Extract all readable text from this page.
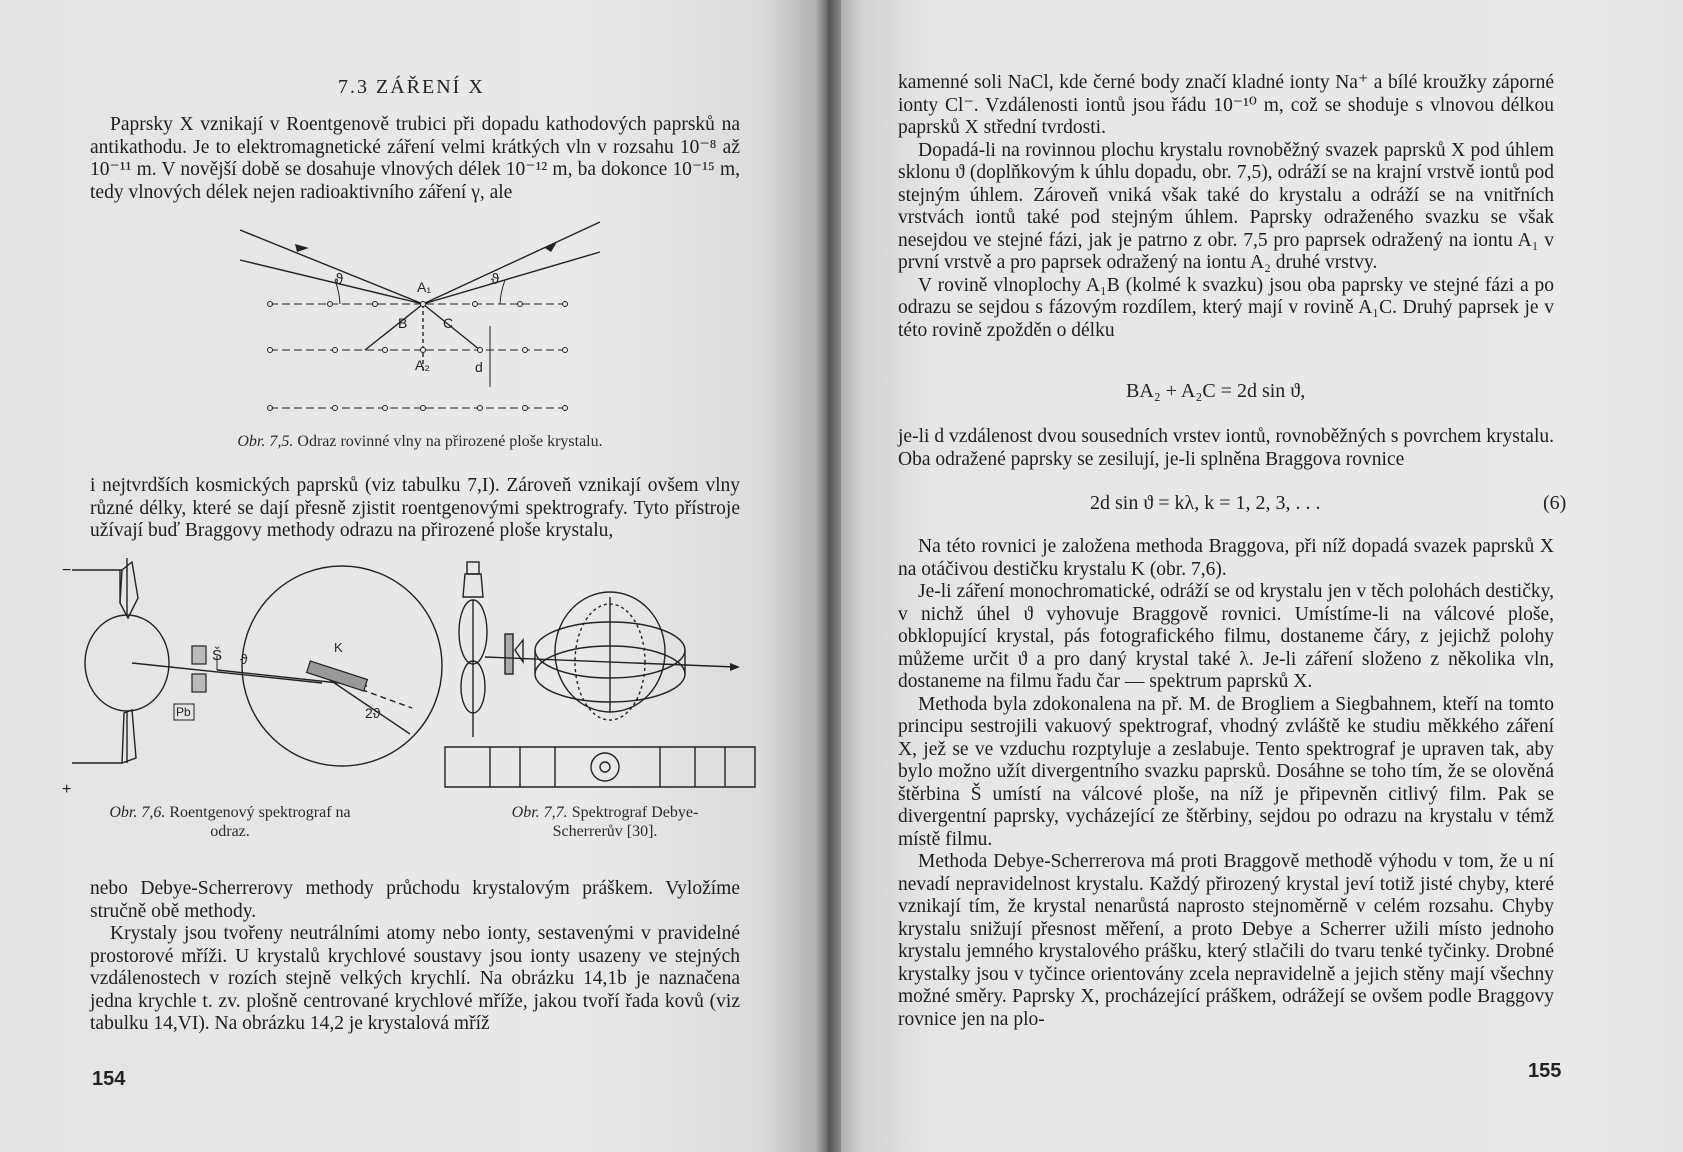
7.3 ZÁŘENÍ X

Paprsky X vznikají v Roentgenově trubici při dopadu kathodových paprsků na antikathodu. Je to elektromagnetické záření velmi krátkých vln v rozsahu 10⁻⁸ až 10⁻¹¹ m. V novější době se dosahuje vlnových délek 10⁻¹² m, ba dokonce 10⁻¹⁵ m, tedy vlnových délek nejen radioaktivního záření γ, ale

ϑ	ϑ
A₁
A₂
B	C
d
Obr. 7,5. Odraz rovinné vlny na přirozené ploše krystalu.

i nejtvrdších kosmických paprsků (viz tabulku 7,I). Zároveň vznikají ovšem vlny různé délky, které se dají přesně zjistit roentgenovými spektrografy. Tyto přístroje užívají buď Braggovy methody odrazu na přirozené ploše krystalu,

Š ϑ
K
2ϑ
Pb
−
+
Obr. 7,6. Roentgenový spektrograf na odraz.
Obr. 7,7. Spektrograf Debye-Scherrerův [30].

nebo Debye-Scherrerovy methody průchodu krystalovým práškem. Vyložíme stručně obě methody.

Krystaly jsou tvořeny neutrálními atomy nebo ionty, sestavenými v pravidelné prostorové mříži. U krystalů krychlové soustavy jsou ionty usazeny ve stejných vzdálenostech v rozích stejně velkých krychlí. Na obrázku 14,1b je naznačena jedna krychle t. zv. plošně centrované krychlové mříže, jakou tvoří řada kovů (viz tabulku 14,VI). Na obrázku 14,2 je krystalová mříž

154

kamenné soli NaCl, kde černé body značí kladné ionty Na⁺ a bílé kroužky záporné ionty Cl⁻. Vzdálenosti iontů jsou řádu 10⁻¹⁰ m, což se shoduje s vlnovou délkou paprsků X střední tvrdosti.

Dopadá-li na rovinnou plochu krystalu rovnoběžný svazek paprsků X pod úhlem sklonu ϑ (doplňkovým k úhlu dopadu, obr. 7,5), odráží se na krajní vrstvě iontů pod stejným úhlem. Zároveň vniká však také do krystalu a odráží se na vnitřních vrstvách iontů také pod stejným úhlem. Paprsky odraženého svazku se však nesejdou ve stejné fázi, jak je patrno z obr. 7,5 pro paprsek odražený na iontu A₁ v první vrstvě a pro paprsek odražený na iontu A₂ druhé vrstvy.

V rovině vlnoplochy A₁B (kolmé k svazku) jsou oba paprsky ve stejné fázi a po odrazu se sejdou s fázovým rozdílem, který mají v rovině A₁C. Druhý paprsek je v této rovině zpožděn o délku

BA₂ + A₂C = 2d sin ϑ,

je-li d vzdálenost dvou sousedních vrstev iontů, rovnoběžných s povrchem krystalu. Oba odražené paprsky se zesilují, je-li splněna Braggova rovnice

2d sin ϑ = kλ, k = 1, 2, 3, . . .	(6)

Na této rovnici je založena methoda Braggova, při níž dopadá svazek paprsků X na otáčivou destičku krystalu K (obr. 7,6).

Je-li záření monochromatické, odráží se od krystalu jen v těch polohách destičky, v nichž úhel ϑ vyhovuje Braggově rovnici. Umístíme-li na válcové ploše, obklopující krystal, pás fotografického filmu, dostaneme čáry, z jejichž polohy můžeme určit ϑ a pro daný krystal také λ. Je-li záření složeno z několika vln, dostaneme na filmu řadu čar — spektrum paprsků X.

Methoda byla zdokonalena na př. M. de Brogliem a Siegbahnem, kteří na tomto principu sestrojili vakuový spektrograf, vhodný zvláště ke studiu měkkého záření X, jež se ve vzduchu rozptyluje a zeslabuje. Tento spektrograf je upraven tak, aby bylo možno užít divergentního svazku paprsků. Dosáhne se toho tím, že se olověná štěrbina Š umístí na válcové ploše, na níž je připevněn citlivý film. Pak se divergentní paprsky, vycházející ze štěrbiny, sejdou po odrazu na krystalu v témž místě filmu.

Methoda Debye-Scherrerova má proti Braggově methodě výhodu v tom, že u ní nevadí nepravidelnost krystalu. Každý přirozený krystal jeví totiž jisté chyby, které vznikají tím, že krystal nenarůstá naprosto stejnoměrně v celém rozsahu. Chyby krystalu snižují přesnost měření, a proto Debye a Scherrer užili místo jednoho krystalu jemného krystalového prášku, který stlačili do tvaru tenké tyčinky. Drobné krystalky jsou v tyčince orientovány zcela nepravidelně a jejich stěny mají všechny možné směry. Paprsky X, procházející práškem, odrážejí se ovšem podle Braggovy rovnice jen na plo-

155
